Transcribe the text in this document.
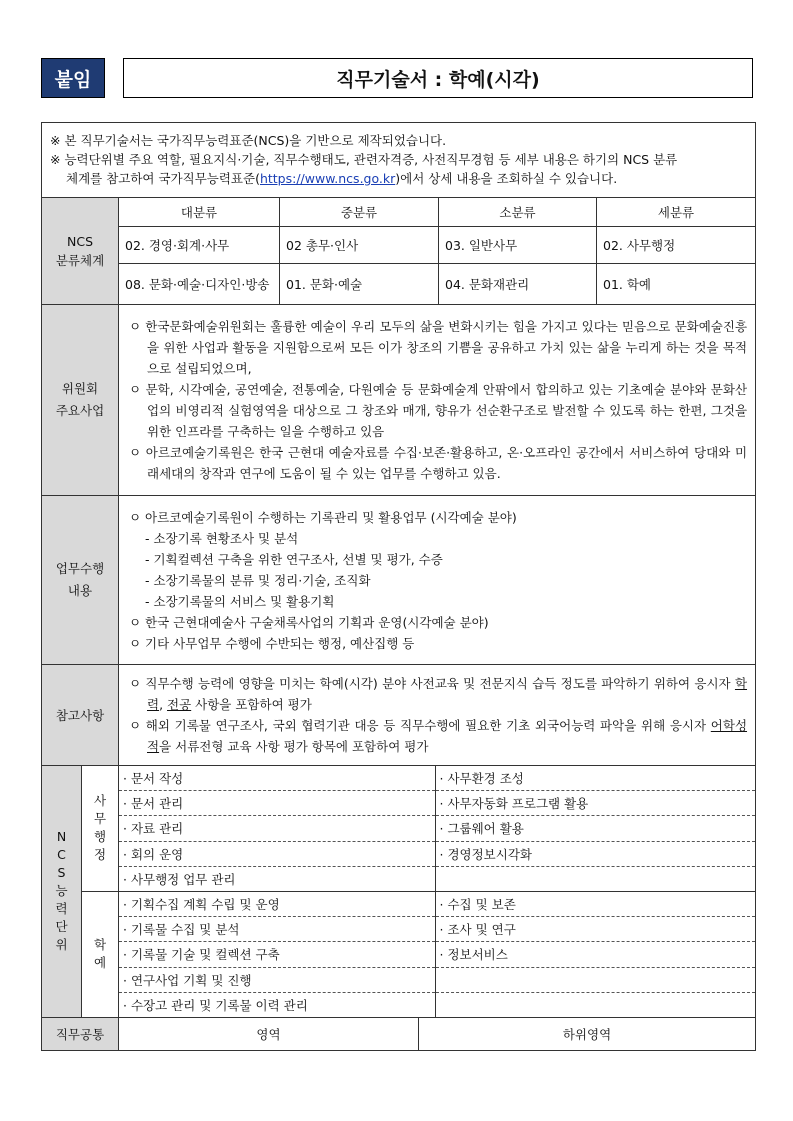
붙임	직무기술서 : 학예(시각)

※ 본 직무기술서는 국가직무능력표준(NCS)을 기반으로 제작되었습니다.

※ 능력단위별 주요 역할, 필요지식·기술, 직무수행태도, 관련자격증, 사전직무경험 등 세부 내용은 하기의 NCS 분류

체계를 참고하여 국가직무능력표준(https://www.ncs.go.kr)에서 상세 내용을 조회하실 수 있습니다.

NCS
분류체계	대분류	중분류	소분류	세분류
02. 경영·회계·사무	02 총무·인사	03. 일반사무	02. 사무행정
08. 문화·예술·디자인·방송	01. 문화·예술	04. 문화재관리	01. 학예
위원회
주요사업	
ㅇ 한국문화예술위원회는 훌륭한 예술이 우리 모두의 삶을 변화시키는 힘을 가지고 있다는 믿음으로 문화예술진흥을 위한 사업과 활동을 지원함으로써 모든 이가 창조의 기쁨을 공유하고 가치 있는 삶을 누리게 하는 것을 목적으로 설립되었으며,
ㅇ 문학, 시각예술, 공연예술, 전통예술, 다원예술 등 문화예술계 안팎에서 합의하고 있는 기초예술 분야와 문화산업의 비영리적 실험영역을 대상으로 그 창조와 매개, 향유가 선순환구조로 발전할 수 있도록 하는 한편, 그것을 위한 인프라를 구축하는 일을 수행하고 있음
ㅇ 아르코예술기록원은 한국 근현대 예술자료를 수집·보존·활용하고, 온·오프라인 공간에서 서비스하여 당대와 미래세대의 창작과 연구에 도움이 될 수 있는 업무를 수행하고 있음.

업무수행
내용	
ㅇ 아르코예술기록원이 수행하는 기록관리 및 활용업무 (시각예술 분야)
- 소장기록 현황조사 및 분석
- 기획컬렉션 구축을 위한 연구조사, 선별 및 평가, 수증
- 소장기록물의 분류 및 정리·기술, 조직화
- 소장기록물의 서비스 및 활용기획
ㅇ 한국 근현대예술사 구술채록사업의 기획과 운영(시각예술 분야)
ㅇ 기타 사무업무 수행에 수반되는 행정, 예산집행 등

참고사항	
ㅇ 직무수행 능력에 영향을 미치는 학예(시각) 분야 사전교육 및 전문지식 습득 정도를 파악하기 위하여 응시자 학력, 전공 사항을 포함하여 평가
ㅇ 해외 기록물 연구조사, 국외 협력기관 대응 등 직무수행에 필요한 기초 외국어능력 파악을 위해 응시자 어학성적을 서류전형 교육 사항 평가 항목에 포함하여 평가

N
C
S
능
력
단
위	사
무
행
정	
· 문서 작성	· 사무환경 조성
· 문서 관리	· 사무자동화 프로그램 활용
· 자료 관리	· 그룹웨어 활용
· 회의 운영	· 경영정보시각화
· 사무행정 업무 관리	

학
예	
· 기획수집 계획 수립 및 운영	· 수집 및 보존
· 기록물 수집 및 분석	· 조사 및 연구
· 기록물 기술 및 컬렉션 구축	· 정보서비스
· 연구사업 기획 및 진행	
· 수장고 관리 및 기록물 이력 관리	

직무공통	영역	하위영역
